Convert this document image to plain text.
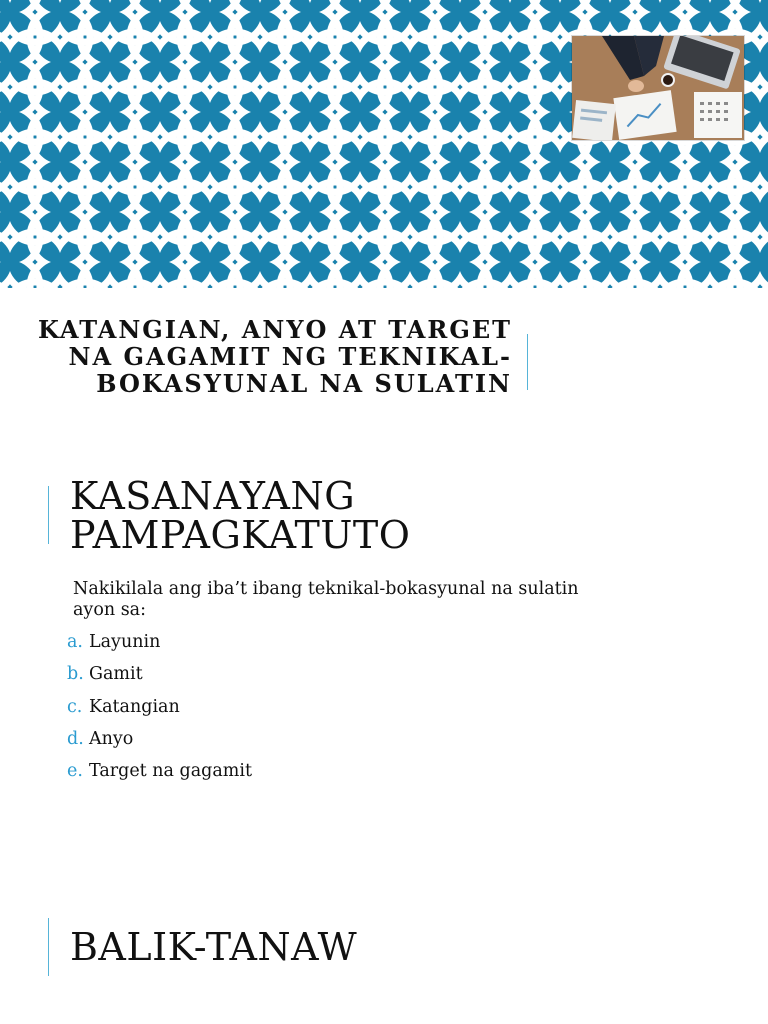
KATANGIAN, ANYO AT TARGET
NA GAGAMIT NG TEKNIKAL-
BOKASYUNAL NA SULATIN
KASANAYANG
PAMPAGKATUTO

Nakikilala ang iba’t ibang teknikal-bokasyunal na sulatin
ayon sa:

a. Layunin
b. Gamit
c. Katangian
d. Anyo
e. Target na gagamit
BALIK-TANAW
